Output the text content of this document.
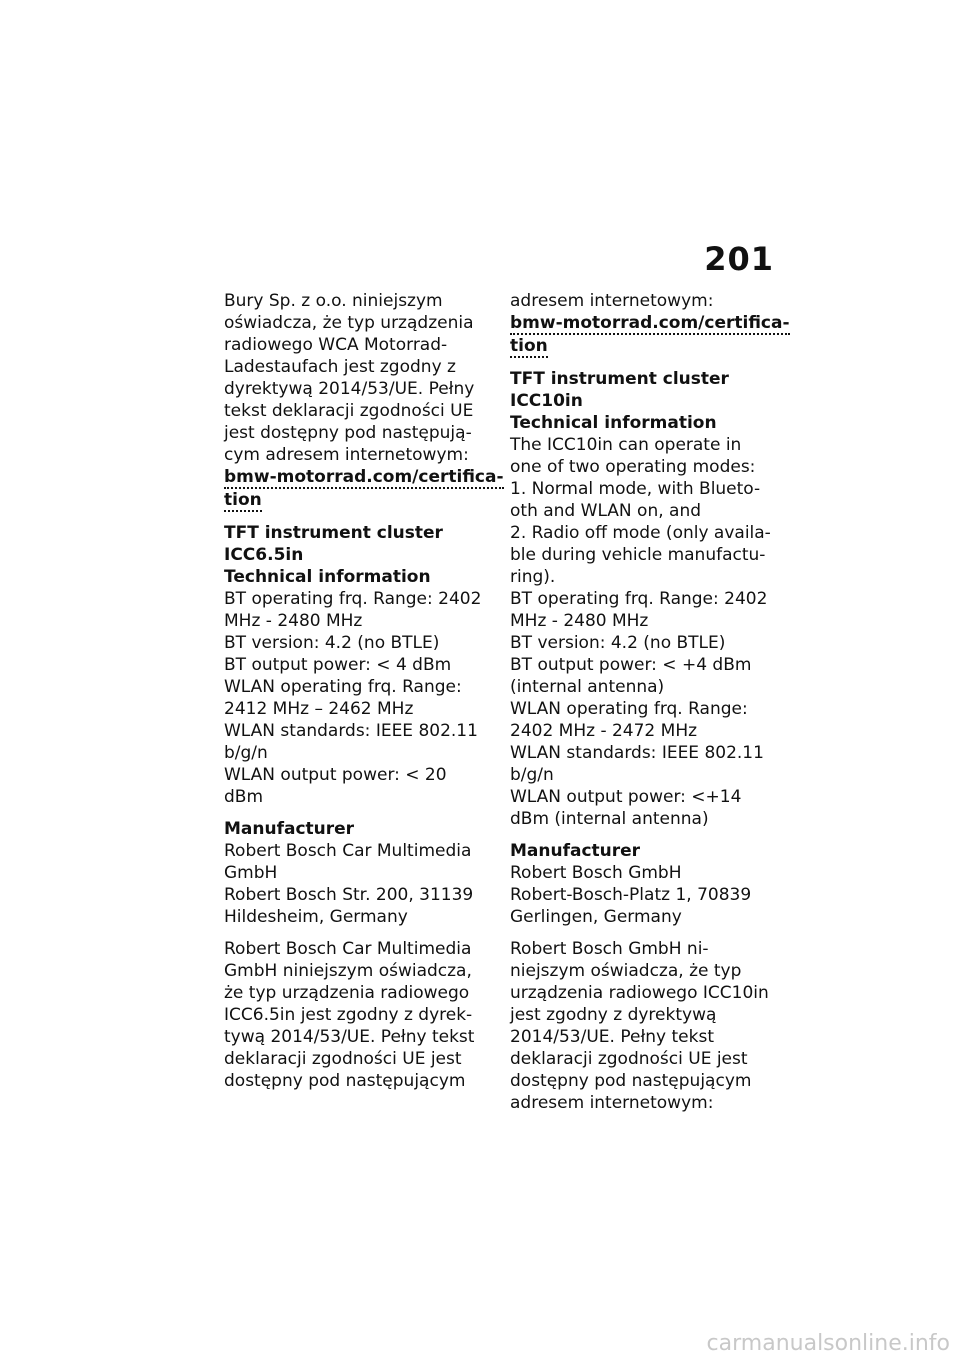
201
Bury Sp. z o.o. niniejszym
oświadcza, że typ urządzenia
radiowego WCA Motorrad-
Ladestaufach jest zgodny z
dyrektywą 2014/53/UE. Pełny
tekst deklaracji zgodności UE
jest dostępny pod następują-
cym adresem internetowym:
bmw-motorrad.com/certifica-
tion
TFT instrument cluster
ICC6.5in
Technical information
BT operating frq. Range: 2402
MHz - 2480 MHz
BT version: 4.2 (no BTLE)
BT output power: < 4 dBm
WLAN operating frq. Range:
2412 MHz – 2462 MHz
WLAN standards: IEEE 802.11
b/g/n
WLAN output power: < 20
dBm
Manufacturer
Robert Bosch Car Multimedia
GmbH
Robert Bosch Str. 200, 31139
Hildesheim, Germany
Robert Bosch Car Multimedia
GmbH niniejszym oświadcza,
że typ urządzenia radiowego
ICC6.5in jest zgodny z dyrek-
tywą 2014/53/UE. Pełny tekst
deklaracji zgodności UE jest
dostępny pod następującym
adresem internetowym:
bmw-motorrad.com/certifica-
tion
TFT instrument cluster
ICC10in
Technical information
The ICC10in can operate in
one of two operating modes:
1. Normal mode, with Blueto-
oth and WLAN on, and
2. Radio off mode (only availa-
ble during vehicle manufactu-
ring).
BT operating frq. Range: 2402
MHz - 2480 MHz
BT version: 4.2 (no BTLE)
BT output power: < +4 dBm
(internal antenna)
WLAN operating frq. Range:
2402 MHz - 2472 MHz
WLAN standards: IEEE 802.11
b/g/n
WLAN output power: <+14
dBm (internal antenna)
Manufacturer
Robert Bosch GmbH
Robert-Bosch-Platz 1, 70839
Gerlingen, Germany
Robert Bosch GmbH ni-
niejszym oświadcza, że typ
urządzenia radiowego ICC10in
jest zgodny z dyrektywą
2014/53/UE. Pełny tekst
deklaracji zgodności UE jest
dostępny pod następującym
adresem internetowym:
carmanualsonline.info
